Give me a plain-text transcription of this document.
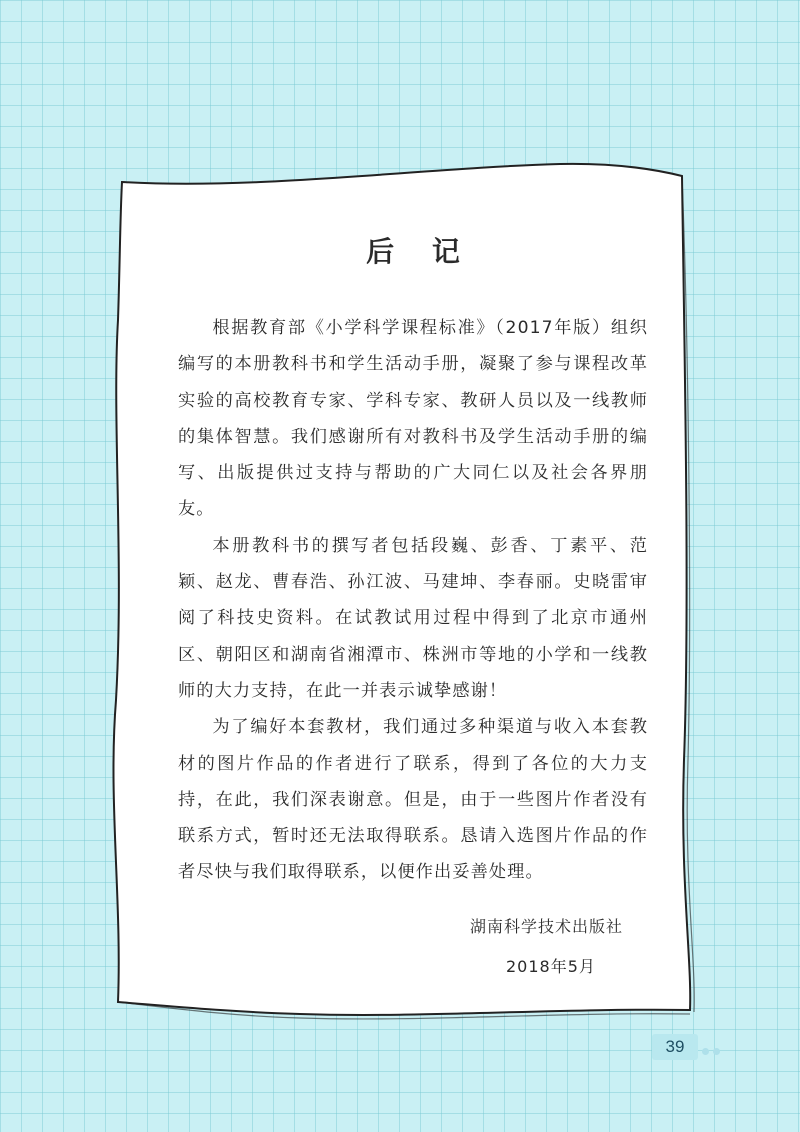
后 记

根据教育部《小学科学课程标准》（2017年版）组织编写的本册教科书和学生活动手册，凝聚了参与课程改革实验的高校教育专家、学科专家、教研人员以及一线教师的集体智慧。我们感谢所有对教科书及学生活动手册的编写、出版提供过支持与帮助的广大同仁以及社会各界朋友。

本册教科书的撰写者包括段巍、彭香、丁素平、范颖、赵龙、曹春浩、孙江波、马建坤、李春丽。史晓雷审阅了科技史资料。在试教试用过程中得到了北京市通州区、朝阳区和湖南省湘潭市、株洲市等地的小学和一线教师的大力支持，在此一并表示诚挚感谢！

为了编好本套教材，我们通过多种渠道与收入本套教材的图片作品的作者进行了联系，得到了各位的大力支持，在此，我们深表谢意。但是，由于一些图片作者没有联系方式，暂时还无法取得联系。恳请入选图片作品的作者尽快与我们取得联系，以便作出妥善处理。

湖南科学技术出版社
2018年5月
39
